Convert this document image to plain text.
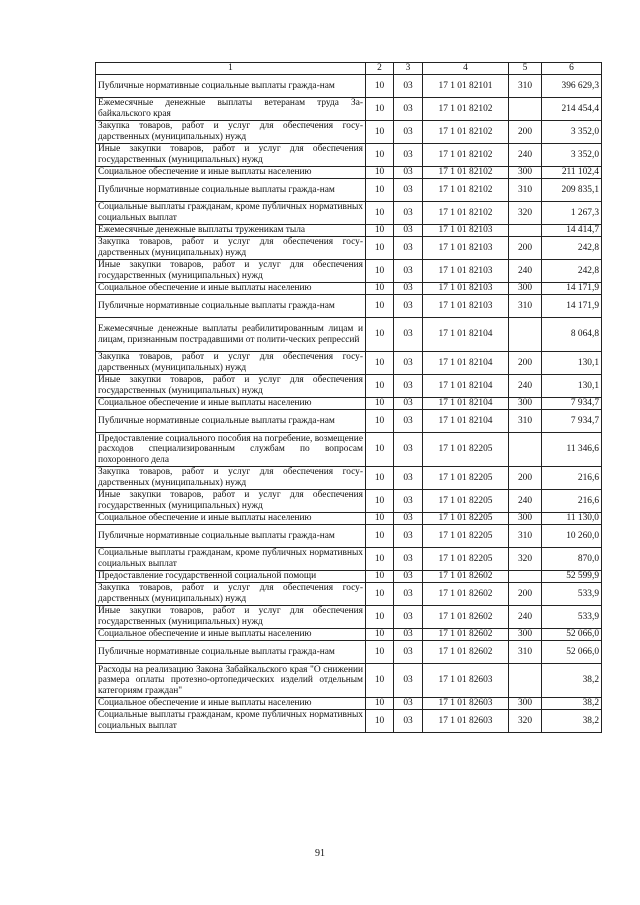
1	2	3	4	5	6
Публичные нормативные социальные выплаты гражда-нам	10	03	17 1 01 82101	310	396 629,3
Ежемесячные денежные выплаты ветеранам труда За-байкальского края	10	03	17 1 01 82102		214 454,4
Закупка товаров, работ и услуг для обеспечения госу-дарственных (муниципальных) нужд	10	03	17 1 01 82102	200	3 352,0
Иные закупки товаров, работ и услуг для обеспечения государственных (муниципальных) нужд	10	03	17 1 01 82102	240	3 352,0
Социальное обеспечение и иные выплаты населению	10	03	17 1 01 82102	300	211 102,4
Публичные нормативные социальные выплаты гражда-нам	10	03	17 1 01 82102	310	209 835,1
Социальные выплаты гражданам, кроме публичных нормативных социальных выплат	10	03	17 1 01 82102	320	1 267,3
Ежемесячные денежные выплаты труженикам тыла	10	03	17 1 01 82103		14 414,7
Закупка товаров, работ и услуг для обеспечения госу-дарственных (муниципальных) нужд	10	03	17 1 01 82103	200	242,8
Иные закупки товаров, работ и услуг для обеспечения государственных (муниципальных) нужд	10	03	17 1 01 82103	240	242,8
Социальное обеспечение и иные выплаты населению	10	03	17 1 01 82103	300	14 171,9
Публичные нормативные социальные выплаты гражда-нам	10	03	17 1 01 82103	310	14 171,9
Ежемесячные денежные выплаты реабилитированным лицам и лицам, признанным пострадавшими от полити-ческих репрессий	10	03	17 1 01 82104		8 064,8
Закупка товаров, работ и услуг для обеспечения госу-дарственных (муниципальных) нужд	10	03	17 1 01 82104	200	130,1
Иные закупки товаров, работ и услуг для обеспечения государственных (муниципальных) нужд	10	03	17 1 01 82104	240	130,1
Социальное обеспечение и иные выплаты населению	10	03	17 1 01 82104	300	7 934,7
Публичные нормативные социальные выплаты гражда-нам	10	03	17 1 01 82104	310	7 934,7
Предоставление социального пособия на погребение, возмещение расходов специализированным службам по вопросам похоронного дела	10	03	17 1 01 82205		11 346,6
Закупка товаров, работ и услуг для обеспечения госу-дарственных (муниципальных) нужд	10	03	17 1 01 82205	200	216,6
Иные закупки товаров, работ и услуг для обеспечения государственных (муниципальных) нужд	10	03	17 1 01 82205	240	216,6
Социальное обеспечение и иные выплаты населению	10	03	17 1 01 82205	300	11 130,0
Публичные нормативные социальные выплаты гражда-нам	10	03	17 1 01 82205	310	10 260,0
Социальные выплаты гражданам, кроме публичных нормативных социальных выплат	10	03	17 1 01 82205	320	870,0
Предоставление государственной социальной помощи	10	03	17 1 01 82602		52 599,9
Закупка товаров, работ и услуг для обеспечения госу-дарственных (муниципальных) нужд	10	03	17 1 01 82602	200	533,9
Иные закупки товаров, работ и услуг для обеспечения государственных (муниципальных) нужд	10	03	17 1 01 82602	240	533,9
Социальное обеспечение и иные выплаты населению	10	03	17 1 01 82602	300	52 066,0
Публичные нормативные социальные выплаты гражда-нам	10	03	17 1 01 82602	310	52 066,0
Расходы на реализацию Закона Забайкальского края "О снижении размера оплаты протезно-ортопедических изделий отдельным категориям граждан"	10	03	17 1 01 82603		38,2
Социальное обеспечение и иные выплаты населению	10	03	17 1 01 82603	300	38,2
Социальные выплаты гражданам, кроме публичных нормативных социальных выплат	10	03	17 1 01 82603	320	38,2
91
